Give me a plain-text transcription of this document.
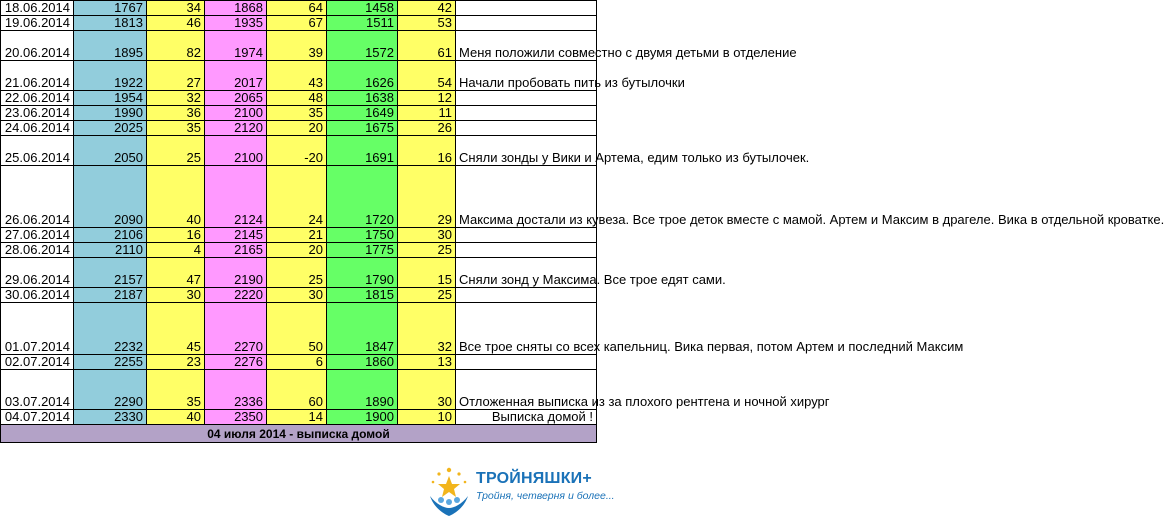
18.06.2014	1767	34	1868	64	1458	42	
19.06.2014	1813	46	1935	67	1511	53	
20.06.2014	1895	82	1974	39	1572	61	Меня положили совместно с двумя детьми в отделение
21.06.2014	1922	27	2017	43	1626	54	Начали пробовать пить из бутылочки
22.06.2014	1954	32	2065	48	1638	12	
23.06.2014	1990	36	2100	35	1649	11	
24.06.2014	2025	35	2120	20	1675	26	
25.06.2014	2050	25	2100	-20	1691	16	Сняли зонды у Вики и Артема, едим только из бутылочек.
26.06.2014	2090	40	2124	24	1720	29	Максима достали из кувеза. Все трое деток вместе с мамой. Артем и Максим в драгеле. Вика в отдельной кроватке.
27.06.2014	2106	16	2145	21	1750	30	
28.06.2014	2110	4	2165	20	1775	25	
29.06.2014	2157	47	2190	25	1790	15	Сняли зонд у Максима. Все трое едят сами.
30.06.2014	2187	30	2220	30	1815	25	
01.07.2014	2232	45	2270	50	1847	32	Все трое сняты со всех капельниц. Вика первая, потом Артем и последний Максим
02.07.2014	2255	23	2276	6	1860	13	
03.07.2014	2290	35	2336	60	1890	30	Отложенная выписка из за плохого рентгена и ночной хирург
04.07.2014	2330	40	2350	14	1900	10	Выписка домой !
04 июля 2014 - выписка домой							
ТРОЙНЯШКИ+
Тройня, четверня и более...
